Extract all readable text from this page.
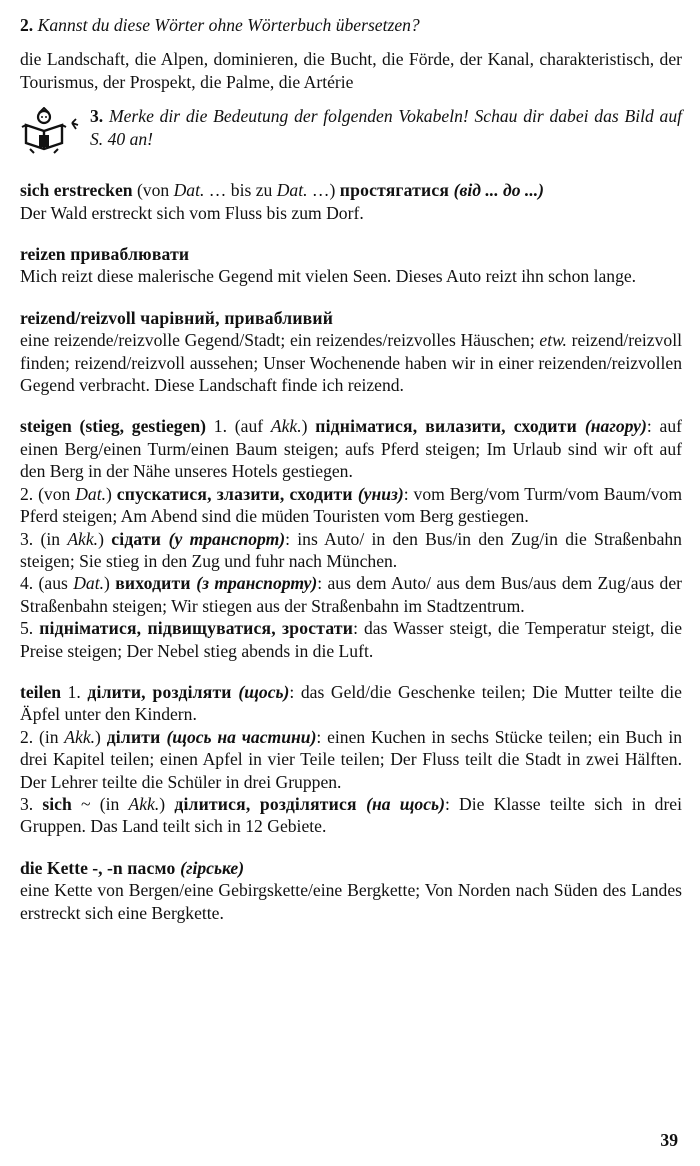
2. Kannst du diese Wörter ohne Wörterbuch übersetzen?

die Landschaft, die Alpen, dominieren, die Bucht, die Förde, der Kanal, charakteristisch, der Tourismus, der Prospekt, die Palme, die Artérie

3. Merke dir die Bedeutung der folgenden Vokabeln! Schau dir dabei das Bild auf S. 40 an!

sich erstrecken (von Dat. … bis zu Dat. …) простягатися (від ... до ...)

Der Wald erstreckt sich vom Fluss bis zum Dorf.

reizen приваблювати

Mich reizt diese malerische Gegend mit vielen Seen. Dieses Auto reizt ihn schon lange.

reizend/reizvoll чарівний, привабливий

eine reizende/reizvolle Gegend/Stadt; ein reizendes/reizvolles Häuschen; etw. reizend/reizvoll finden; reizend/reizvoll aussehen; Unser Wochenende haben wir in einer reizenden/reizvollen Gegend verbracht. Diese Landschaft finde ich reizend.

steigen (stieg, gestiegen) 1. (auf Akk.) підніматися, вилазити, сходити (нагору): auf einen Berg/einen Turm/einen Baum steigen; aufs Pferd steigen; Im Urlaub sind wir oft auf den Berg in der Nähe unseres Hotels gestiegen.

2. (von Dat.) спускатися, злазити, сходити (униз): vom Berg/vom Turm/vom Baum/vom Pferd steigen; Am Abend sind die müden Touristen vom Berg gestiegen.

3. (in Akk.) сідати (у транспорт): ins Auto/ in den Bus/in den Zug/in die Straßenbahn steigen; Sie stieg in den Zug und fuhr nach München.

4. (aus Dat.) виходити (з транспорту): aus dem Auto/ aus dem Bus/aus dem Zug/aus der Straßenbahn steigen; Wir stiegen aus der Straßenbahn im Stadtzentrum.

5. підніматися, підвищуватися, зростати: das Wasser steigt, die Temperatur steigt, die Preise steigen; Der Nebel stieg abends in die Luft.

teilen 1. ділити, розділяти (щось): das Geld/die Geschenke teilen; Die Mutter teilte die Äpfel unter den Kindern.

2. (in Akk.) ділити (щось на частини): einen Kuchen in sechs Stücke teilen; ein Buch in drei Kapitel teilen; einen Apfel in vier Teile teilen; Der Fluss teilt die Stadt in zwei Hälften. Der Lehrer teilte die Schüler in drei Gruppen.

3. sich ~ (in Akk.) ділитися, розділятися (на щось): Die Klasse teilte sich in drei Gruppen. Das Land teilt sich in 12 Gebiete.

die Kette -, -n пасмо (гірське)

eine Kette von Bergen/eine Gebirgskette/eine Bergkette; Von Norden nach Süden des Landes erstreckt sich eine Bergkette.

39
